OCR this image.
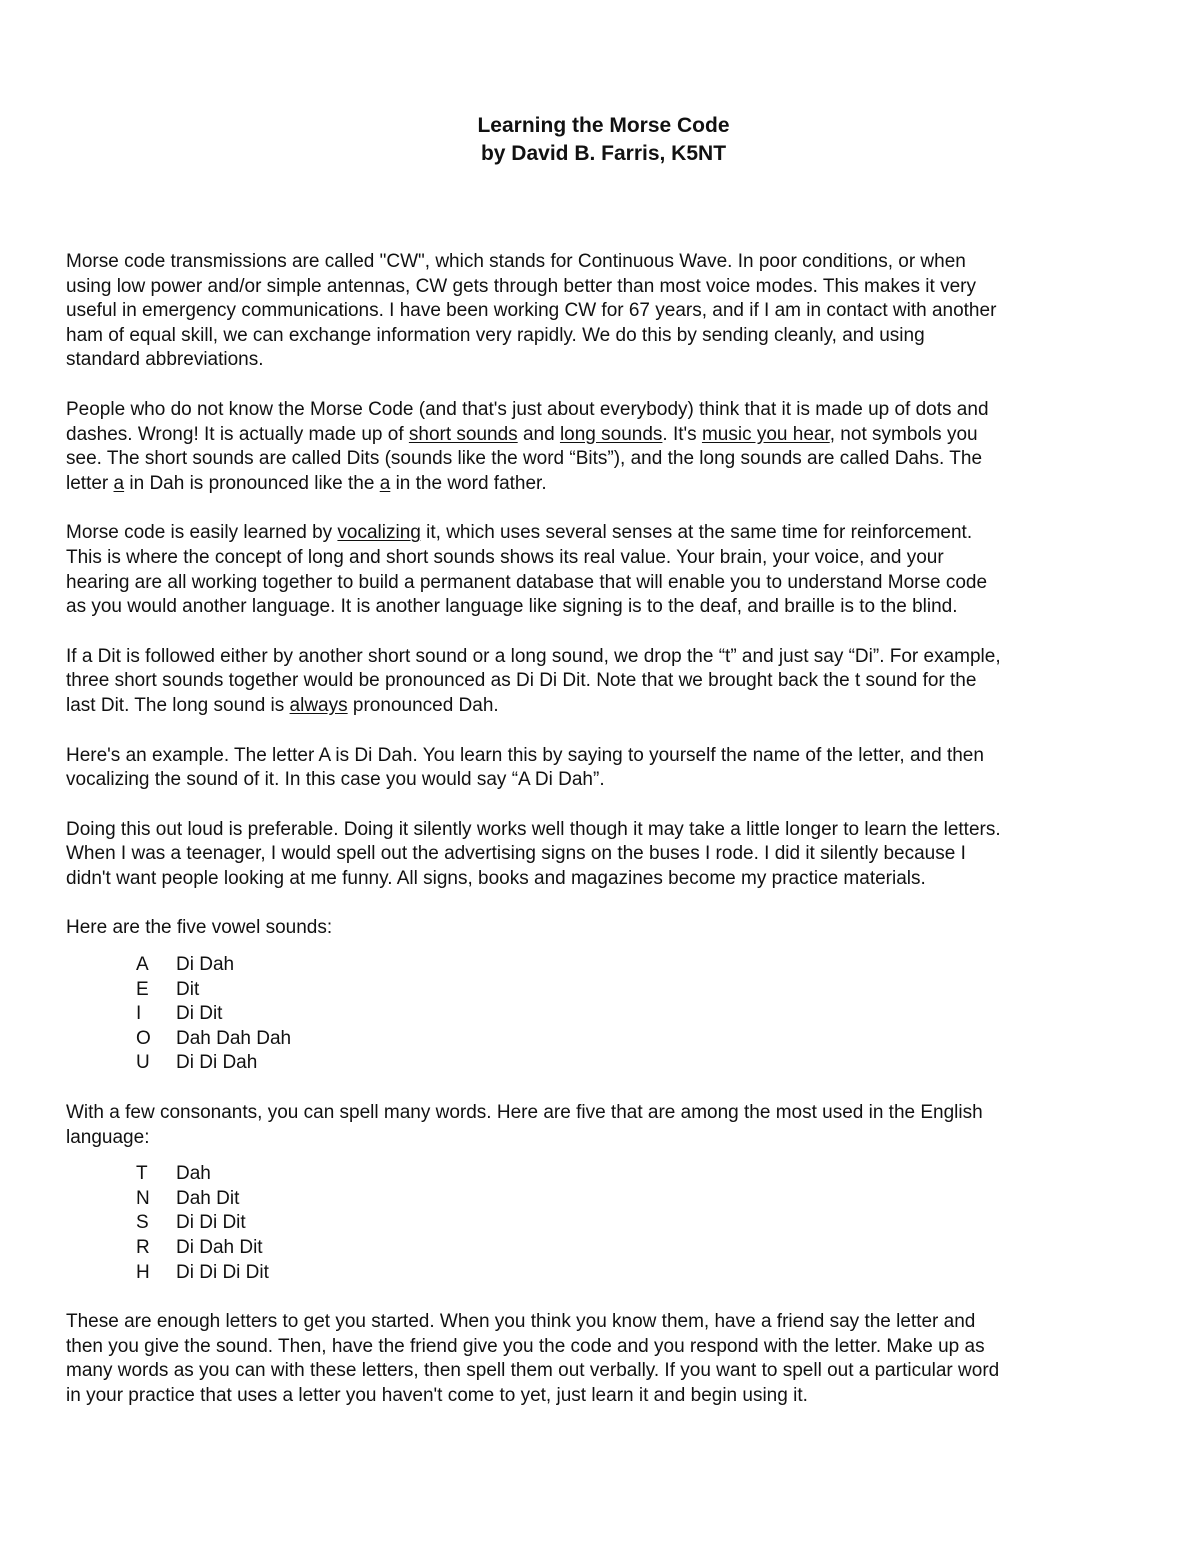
Learning the Morse Code
by David B. Farris, K5NT

Morse code transmissions are called "CW", which stands for Continuous Wave. In poor conditions, or when
using low power and/or simple antennas, CW gets through better than most voice modes. This makes it very
useful in emergency communications. I have been working CW for 67 years, and if I am in contact with another
ham of equal skill, we can exchange information very rapidly. We do this by sending cleanly, and using
standard abbreviations.

People who do not know the Morse Code (and that's just about everybody) think that it is made up of dots and
dashes. Wrong! It is actually made up of short sounds and long sounds. It's music you hear, not symbols you
see. The short sounds are called Dits (sounds like the word “Bits”), and the long sounds are called Dahs. The
letter a in Dah is pronounced like the a in the word father.

Morse code is easily learned by vocalizing it, which uses several senses at the same time for reinforcement.
This is where the concept of long and short sounds shows its real value. Your brain, your voice, and your
hearing are all working together to build a permanent database that will enable you to understand Morse code
as you would another language. It is another language like signing is to the deaf, and braille is to the blind.

If a Dit is followed either by another short sound or a long sound, we drop the “t” and just say “Di”. For example,
three short sounds together would be pronounced as Di Di Dit. Note that we brought back the t sound for the
last Dit. The long sound is always pronounced Dah.

Here's an example. The letter A is Di Dah. You learn this by saying to yourself the name of the letter, and then
vocalizing the sound of it. In this case you would say “A Di Dah”.

Doing this out loud is preferable. Doing it silently works well though it may take a little longer to learn the letters.
When I was a teenager, I would spell out the advertising signs on the buses I rode. I did it silently because I
didn't want people looking at me funny. All signs, books and magazines become my practice materials.

Here are the five vowel sounds:

A	Di Dah
E	Dit
I	Di Dit
O	Dah Dah Dah
U	Di Di Dah

With a few consonants, you can spell many words. Here are five that are among the most used in the English
language:

T	Dah
N	Dah Dit
S	Di Di Dit
R	Di Dah Dit
H	Di Di Di Dit

These are enough letters to get you started. When you think you know them, have a friend say the letter and
then you give the sound. Then, have the friend give you the code and you respond with the letter. Make up as
many words as you can with these letters, then spell them out verbally. If you want to spell out a particular word
in your practice that uses a letter you haven't come to yet, just learn it and begin using it.
